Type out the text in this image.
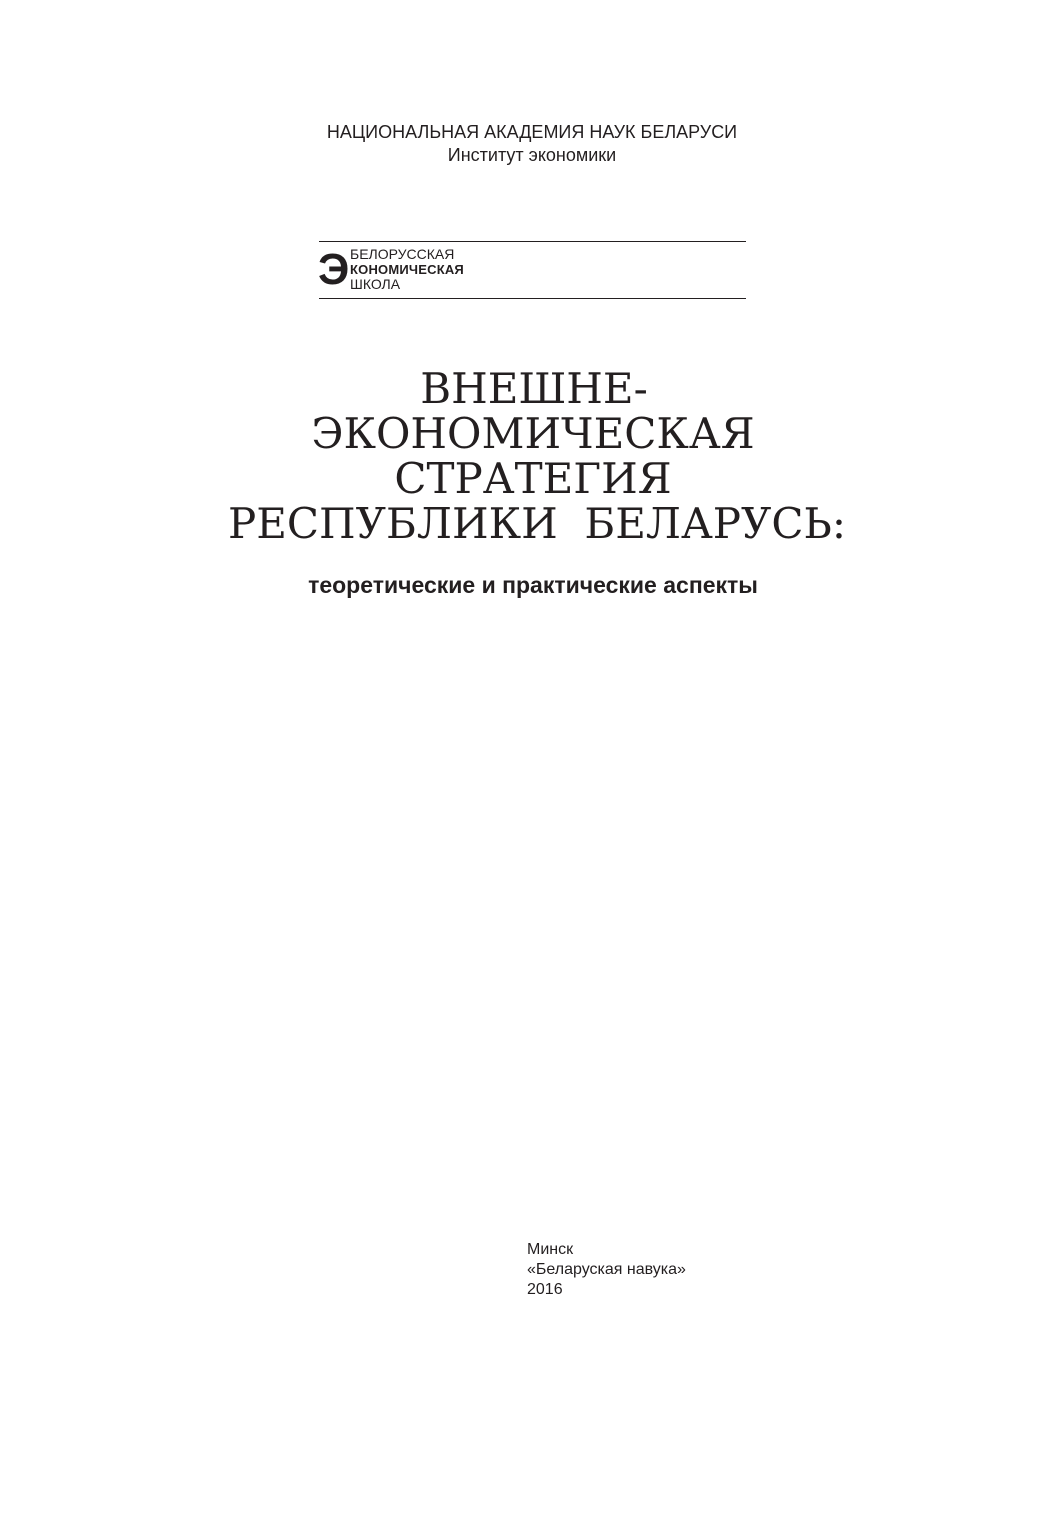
НАЦИОНАЛЬНАЯ АКАДЕМИЯ НАУК БЕЛАРУСИ
Институт экономики
Э БЕЛОРУССКАЯ
КОНОМИЧЕСКАЯ
ШКОЛА
ВНЕШНЕ-
ЭКОНОМИЧЕСКАЯ
СТРАТЕГИЯ
РЕСПУБЛИКИ  БЕЛАРУСЬ:
теоретические и практические аспекты
Минск
«Беларуская навука»
2016
